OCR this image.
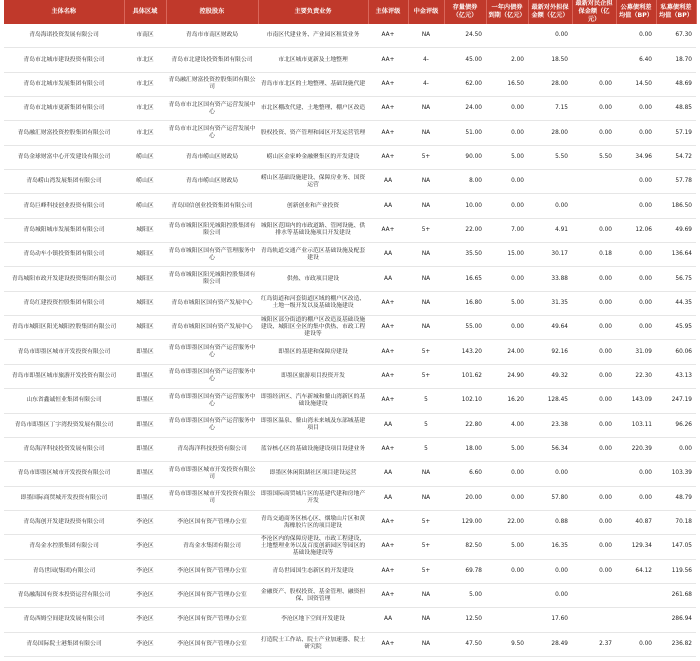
主体名称	具体区域	控股股东	主要负责业务	主体评级	中金评级	存量债券（亿元）	一年内债券到期（亿元）	最新对外担保金额（亿元）	最新对民企担保金额（亿元）	公募债利差均值（BP）	私募债利差均值（BP）
青岛海诺投资发展有限公司	市南区	青岛市市南区财政局	市南区代建业务、产业园区租赁业务	AA+	NA	24.50		0.00		0.00	67.30
青岛市北城市建设投资有限公司	市北区	青岛市北建设投资集团有限公司	市北区城市更新及土地整理	AA+	4-	45.00	2.00	18.50		6.40	18.70
青岛市北城市发展集团有限公司	市北区	青岛融汇财富投资控股集团有限公司	青岛市市北区的土地整理、基础设施代建	AA+	4-	62.00	16.50	28.00	0.00	14.50	48.69
青岛市北城市更新集团有限公司	市北区	青岛市市北区国有资产运营发展中心	市北区棚改代建、土地整理、棚户区改造	AA+	NA	24.00	0.00	7.15	0.00	0.00	48.85
青岛融汇财富投资控股集团有限公司	市北区	青岛市市北区国有资产运营发展中心	股权投资、资产管理和园区开发运营管理	AA+	NA	51.00	0.00	28.00	0.00	0.00	57.19
青岛金球财富中心开发建设有限公司	崂山区	青岛市崂山区财政局	崂山区金家岭金融聚集区的开发建设	AA+	5+	90.00	5.00	5.50	5.50	34.96	54.72
青岛崂山湾发展集团有限公司	崂山区	青岛市崂山区财政局	崂山区基础设施建设、保障房业务、国资运营	AA	NA	8.00	0.00			0.00	57.78
青岛巨峰科技创业投资有限公司	崂山区	青岛国信创业投资集团有限公司	创新创业和产业投资	AA	NA	10.00	0.00	0.00		0.00	186.50
青岛城阳城市发展集团有限公司	城阳区	青岛市城阳区阳光城阳控股集团有限公司	城阳区范围内的市政道路、管网设施、供排水等基础设施项目开发建设	AA+	5+	22.00	7.00	4.91	0.00	12.06	49.69
青岛动车小镇投资集团有限公司	城阳区	青岛市城阳区国有资产管理服务中心	青岛轨道交通产业示范区基础设施及配套建设	AA	NA	35.50	15.00	30.17	0.18	0.00	136.64
青岛城阳市政开发建设投资集团有限公司	城阳区	青岛市城阳区阳光城阳控股集团有限公司	供热、市政项目建设	AA	NA	16.65	0.00	33.88	0.00	0.00	56.75
青岛红建投资控股集团有限公司	城阳区	青岛市城阳区国有资产发展中心	红岛街道和河套街道区域的棚户区改造、土地一级开发以及基础设施建设	AA+	NA	16.80	5.00	31.35	0.00	0.00	44.35
青岛市城阳区阳光城阳控股集团有限公司	城阳区	青岛市城阳区国有资产发展中心	城阳区部分街道的棚户区改造及基础设施建设、城阳区全区的集中供热、市政工程建设等	AA+	NA	55.00	0.00	49.64	0.00	0.00	45.95
青岛市即墨区城市开发投资有限公司	即墨区	青岛市即墨区国有资产运营服务中心	即墨区的基建和保障房建设	AA+	5+	143.20	24.00	92.16	0.00	31.09	60.06
青岛市即墨区城市旅游开发投资有限公司	即墨区	青岛市即墨区国有资产运营服务中心	即墨区旅游项目投资开发	AA+	5+	101.62	24.90	49.32	0.00	22.30	43.13
山东省鑫诚恒业集团有限公司	即墨区	青岛市即墨区国有资产运营服务中心	即墨经济区、汽车新城和鳌山湾新区的基础设施建设	AA+	5	102.10	16.20	128.45	0.00	143.09	247.19
青岛市即墨区丁字湾投资发展有限公司	即墨区	青岛市即墨区国有资产运营服务中心	即墨区温泉、鳌山湾未来城及东部城基建项目	AA	5	22.80	4.00	23.38	0.00	103.11	96.26
青岛海洋科技投资发展有限公司	即墨区	青岛海洋科技投资有限公司	蓝谷核心区的基础设施建设项目设建业务	AA+	5	18.00	5.00	56.34	0.00	220.39	0.00
青岛市即墨区城市开发投资有限公司	即墨区	青岛市即墨区城市开发投资有限公司	即墨区休闲阳湖社区项目建设运营	AA	NA	6.60	0.00	0.00		0.00	103.39
即墨国际商贸城开发投资有限公司	即墨区	青岛市即墨区城市开发投资有限公司	即墨国际商贸城片区的基建代建和房地产开发	AA	NA	20.00	0.00	57.80	0.00	0.00	48.79
青岛海创开发建设投资有限公司	李沧区	李沧区国有资产管理办公室	青岛交通商务区核心区、烟墩山片区和黄海橡胶片区的项目建设	AA+	5+	129.00	22.00	0.88	0.00	40.87	70.18
青岛金水控股集团有限公司	李沧区	青岛金水集团有限公司	李沧区内的保障房建设、市政工程建设、土地整理业务以及百度创新园区等园区的基础设施建设等	AA+	5+	82.50	5.00	16.35	0.00	129.34	147.05
青岛世园(集团)有限公司	李沧区	李沧区国有资产管理办公室	青岛世园国生态新区的开发建设	AA+	5+	69.78	0.00	0.00	0.00	64.12	119.56
青岛融海国有资本投资运营有限公司	李沧区	李沧区国有资产管理办公室	金融资产、股权投资、基金管理、融资担保、国资管理	AA+	NA	5.00		0.00			261.68
青岛西姆空间建设发展有限公司	李沧区	李沧区国有资产管理办公室	李沧区地下空间开发建设	AA	NA	12.50		17.60			286.94
青岛国际院士港集团有限公司	李沧区	李沧区国有资产管理办公室	打造院士工作站、院士产业加速器、院士研究院	AA+	NA	47.50	9.50	28.49	2.37	0.00	236.82
